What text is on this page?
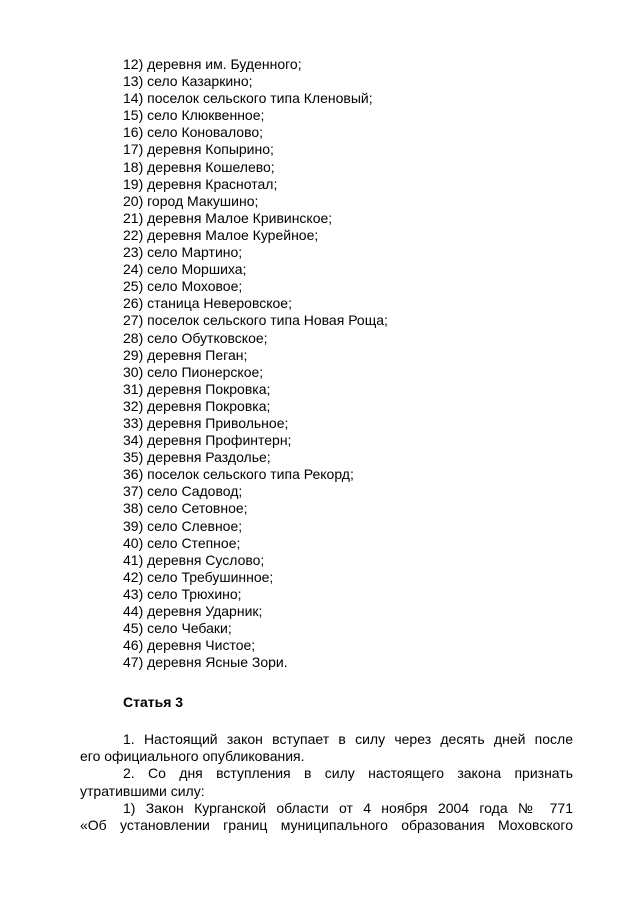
12) деревня им. Буденного;
13) село Казаркино;
14) поселок сельского типа Кленовый;
15) село Клюквенное;
16) село Коновалово;
17) деревня Копырино;
18) деревня Кошелево;
19) деревня Краснотал;
20) город Макушино;
21) деревня Малое Кривинское;
22) деревня Малое Курейное;
23) село Мартино;
24) село Моршиха;
25) село Моховое;
26) станица Неверовское;
27) поселок сельского типа Новая Роща;
28) село Обутковское;
29) деревня Пеган;
30) село Пионерское;
31) деревня Покровка;
32) деревня Покровка;
33) деревня Привольное;
34) деревня Профинтерн;
35) деревня Раздолье;
36) поселок сельского типа Рекорд;
37) село Садовод;
38) село Сетовное;
39) село Слевное;
40) село Степное;
41) деревня Суслово;
42) село Требушинное;
43) село Трюхино;
44) деревня Ударник;
45) село Чебаки;
46) деревня Чистое;
47) деревня Ясные Зори.
Статья 3

1. Настоящий закон вступает в силу через десять дней после

его официального опубликования.

2. Со дня вступления в силу настоящего закона признать

утратившими силу:

1) Закон Курганской области от 4 ноября 2004 года № 771

«Об установлении границ муниципального образования Моховского
